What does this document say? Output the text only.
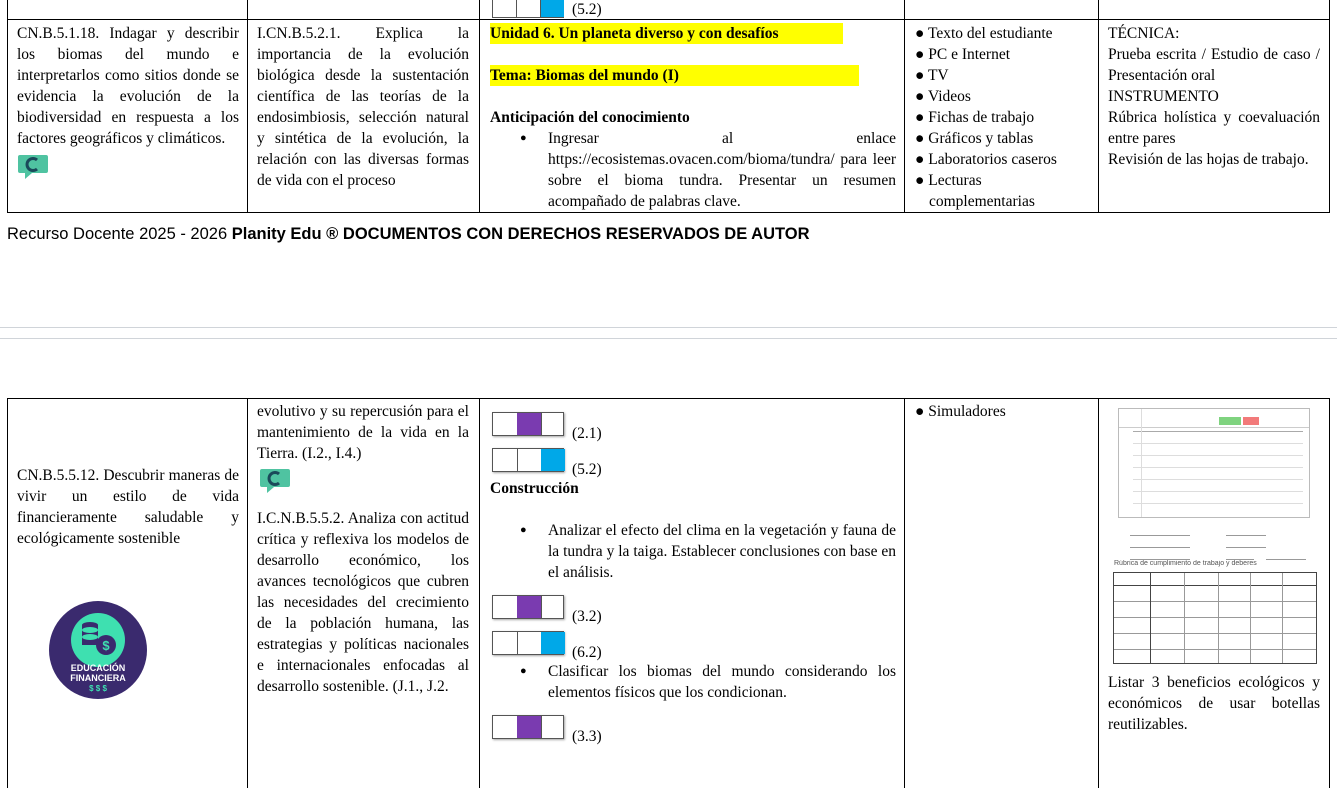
(5.2)
CN.B.5.1.18. Indagar y describir los biomas del mundo e interpretarlos como sitios donde se evidencia la evolución de la biodiversidad en respuesta a los factores geográficos y climáticos.
I.CN.B.5.2.1. Explica la importancia de la evolución biológica desde la sustentación científica de las teorías de la endosimbiosis, selección natural y sintética de la evolución, la relación con las diversas formas de vida con el proceso
Unidad 6. Un planeta diverso y con desafíos
Tema: Biomas del mundo (I)
Anticipación del conocimiento
● Ingresar al enlace https://ecosistemas.ovacen.com/bioma/tundra/ para leer sobre el bioma tundra. Presentar un resumen acompañado de palabras clave.
● Texto del estudiante
● PC e Internet
● TV
● Videos
● Fichas de trabajo
● Gráficos y tablas
● Laboratorios caseros
● Lecturas complementarias
TÉCNICA:
Prueba escrita / Estudio de caso / Presentación oral
INSTRUMENTO
Rúbrica holística y coevaluación entre pares
Revisión de las hojas de trabajo.
Recurso Docente 2025 - 2026 Planity Edu ® DOCUMENTOS CON DERECHOS RESERVADOS DE AUTOR
CN.B.5.5.12. Descubrir maneras de vivir un estilo de vida financieramente saludable y ecológicamente sostenible
$
EDUCACIÓN
FINANCIERA
$ $ $
evolutivo y su repercusión para el mantenimiento de la vida en la Tierra. (I.2., I.4.)
I.C.N.B.5.5.2. Analiza con actitud crítica y reflexiva los modelos de desarrollo económico, los avances tecnológicos que cubren las necesidades del crecimiento de la población humana, las estrategias y políticas nacionales e internacionales enfocadas al desarrollo sostenible. (J.1., J.2.
(2.1)
(5.2)
Construcción
● Analizar el efecto del clima en la vegetación y fauna de la tundra y la taiga. Establecer conclusiones con base en el análisis.
(3.2)
(6.2)
● Clasificar los biomas del mundo considerando los elementos físicos que los condicionan.
(3.3)
● Simuladores
Rúbrica de cumplimiento de trabajo y deberes
Listar 3 beneficios ecológicos y económicos de usar botellas reutilizables.
